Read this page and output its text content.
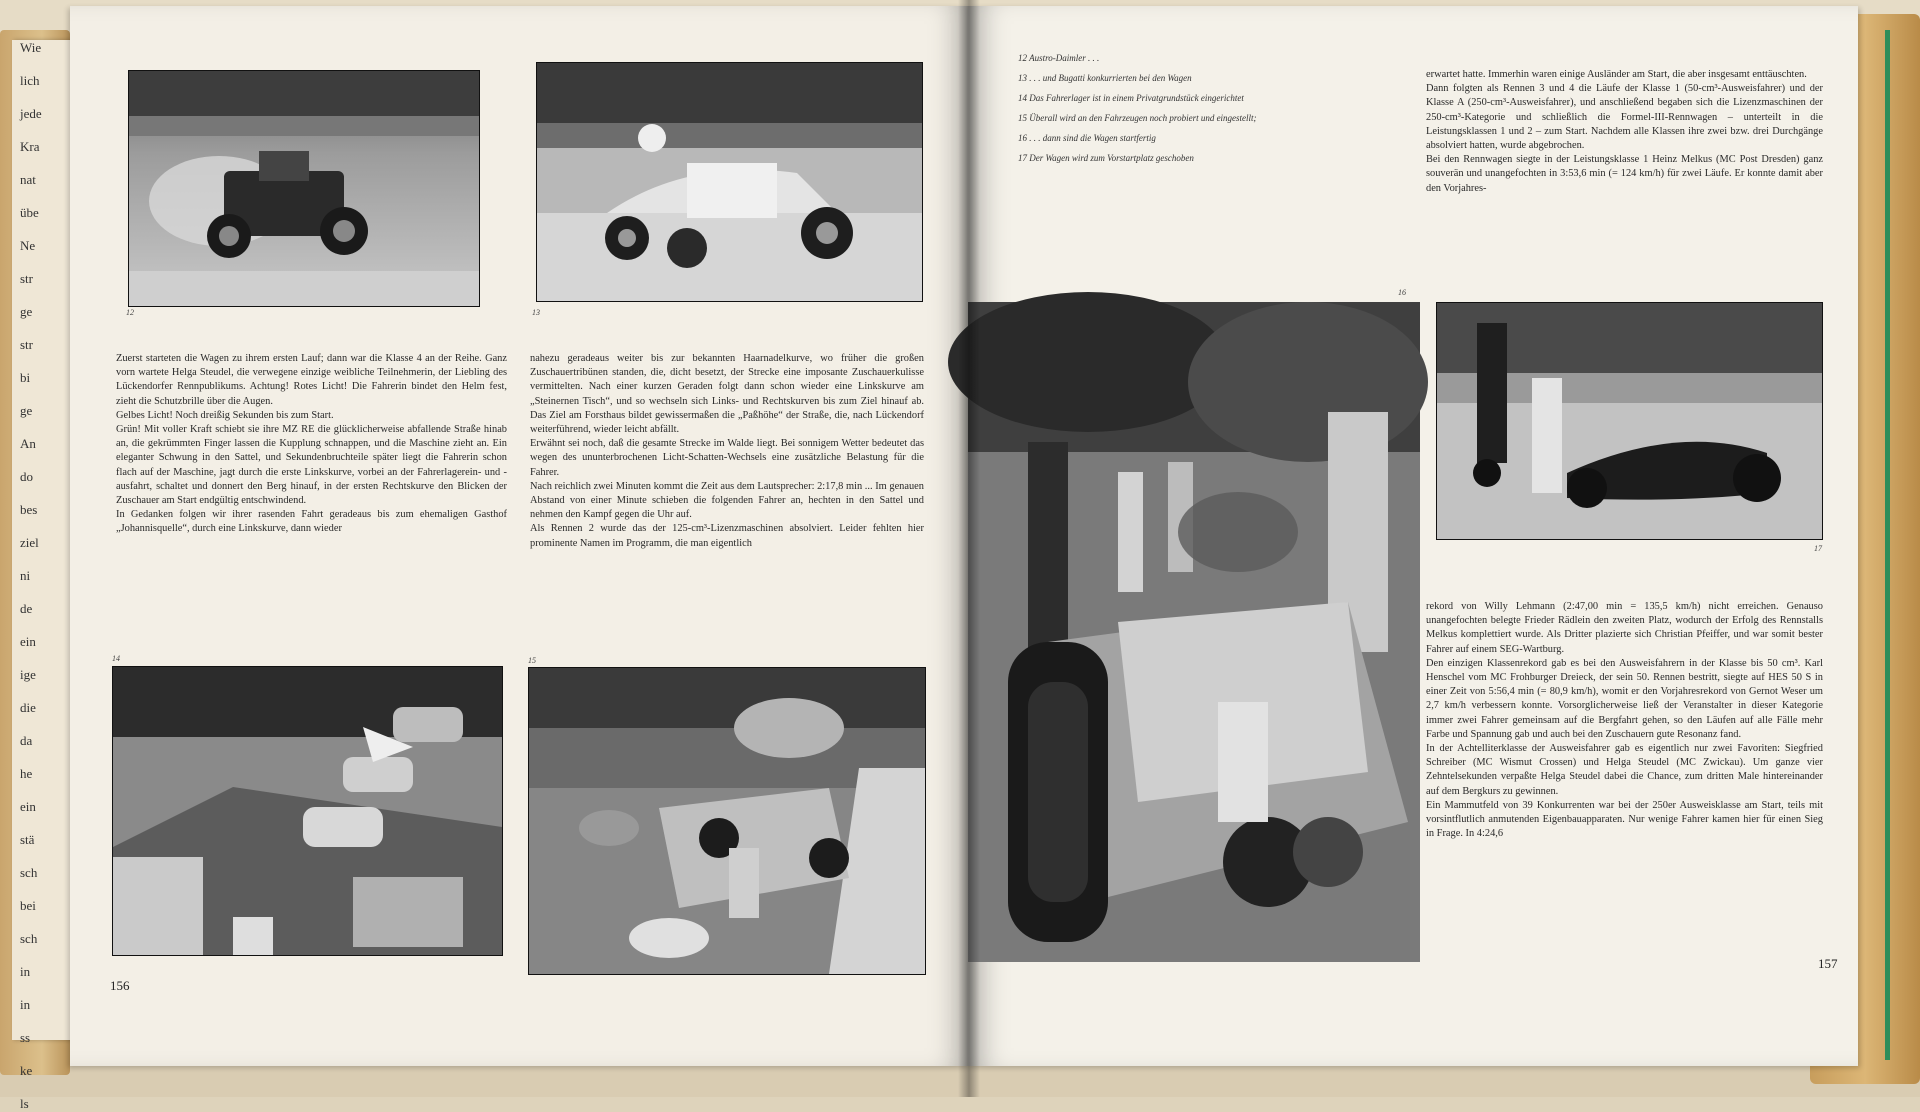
Wie
lich
jede
Kra
nat
übe
Ne
str
ge
str
bi
ge
An
do
bes
ziel
ni
de
ein
ige
die
da
he
ein
stä
sch
bei
sch
in
in
ss
ke
ls
12	13

Zuerst starteten die Wagen zu ihrem ersten Lauf; dann war die Klasse 4 an der Reihe. Ganz vorn wartete Helga Steudel, die verwegene einzige weibliche Teilnehmerin, der Liebling des Lückendorfer Rennpublikums. Achtung! Rotes Licht! Die Fahrerin bindet den Helm fest, zieht die Schutzbrille über die Augen.

Gelbes Licht! Noch dreißig Sekunden bis zum Start.

Grün! Mit voller Kraft schiebt sie ihre MZ RE die glücklicherweise abfallende Straße hinab an, die gekrümmten Finger lassen die Kupplung schnappen, und die Maschine zieht an. Ein eleganter Schwung in den Sattel, und Sekundenbruchteile später liegt die Fahrerin schon flach auf der Maschine, jagt durch die erste Linkskurve, vorbei an der Fahrerlagerein- und -ausfahrt, schaltet und donnert den Berg hinauf, in der ersten Rechtskurve den Blicken der Zuschauer am Start endgültig entschwindend.

In Gedanken folgen wir ihrer rasenden Fahrt geradeaus bis zum ehemaligen Gasthof „Johannisquelle“, durch eine Linkskurve, dann wieder

nahezu geradeaus weiter bis zur bekannten Haarnadelkurve, wo früher die großen Zuschauertribünen standen, die, dicht besetzt, der Strecke eine imposante Zuschauerkulisse vermittelten. Nach einer kurzen Geraden folgt dann schon wieder eine Linkskurve am „Steinernen Tisch“, und so wechseln sich Links- und Rechtskurven bis zum Ziel hinauf ab. Das Ziel am Forsthaus bildet gewissermaßen die „Paßhöhe“ der Straße, die, nach Lückendorf weiterführend, wieder leicht abfällt.

Erwähnt sei noch, daß die gesamte Strecke im Walde liegt. Bei sonnigem Wetter bedeutet das wegen des ununterbrochenen Licht-Schatten-Wechsels eine zusätzliche Belastung für die Fahrer.

Nach reichlich zwei Minuten kommt die Zeit aus dem Lautsprecher: 2:17,8 min ... Im genauen Abstand von einer Minute schieben die folgenden Fahrer an, hechten in den Sattel und nehmen den Kampf gegen die Uhr auf.

Als Rennen 2 wurde das der 125-cm³-Lizenzmaschinen absolviert. Leider fehlten hier prominente Namen im Programm, die man eigentlich

14	15
156
16
17

rekord von Willy Lehmann (2:47,00 min = 135,5 km/h) nicht erreichen. Genauso unangefochten belegte Frieder Rädlein den zweiten Platz, wodurch der Erfolg des Rennstalls Melkus komplettiert wurde. Als Dritter plazierte sich Christian Pfeiffer, und war somit bester Fahrer auf einem SEG-Wartburg.

Den einzigen Klassenrekord gab es bei den Ausweisfahrern in der Klasse bis 50 cm³. Karl Henschel vom MC Frohburger Dreieck, der sein 50. Rennen bestritt, siegte auf HES 50 S in einer Zeit von 5:56,4 min (= 80,9 km/h), womit er den Vorjahresrekord von Gernot Weser um 2,7 km/h verbessern konnte. Vorsorglicherweise ließ der Veranstalter in dieser Kategorie immer zwei Fahrer gemeinsam auf die Bergfahrt gehen, so den Läufen auf alle Fälle mehr Farbe und Spannung gab und auch bei den Zuschauern gute Resonanz fand.

In der Achtelliterklasse der Ausweisfahrer gab es eigentlich nur zwei Favoriten: Siegfried Schreiber (MC Wismut Crossen) und Helga Steudel (MC Zwickau). Um ganze vier Zehntelsekunden verpaßte Helga Steudel dabei die Chance, zum dritten Male hintereinander auf dem Bergkurs zu gewinnen.

Ein Mammutfeld von 39 Konkurrenten war bei der 250er Ausweisklasse am Start, teils mit vorsintflutlich anmutenden Eigenbauapparaten. Nur wenige Fahrer kamen hier für einen Sieg in Frage. In 4:24,6

erwartet hatte. Immerhin waren einige Ausländer am Start, die aber insgesamt enttäuschten.

Dann folgten als Rennen 3 und 4 die Läufe der Klasse 1 (50-cm³-Ausweisfahrer) und der Klasse A (250-cm³-Ausweisfahrer), und anschließend begaben sich die Lizenzmaschinen der 250-cm³-Kategorie und schließlich die Formel-III-Rennwagen – unterteilt in die Leistungsklassen 1 und 2 – zum Start. Nachdem alle Klassen ihre zwei bzw. drei Durchgänge absolviert hatten, wurde abgebrochen.

Bei den Rennwagen siegte in der Leistungsklasse 1 Heinz Melkus (MC Post Dresden) ganz souverän und unangefochten in 3:53,6 min (= 124 km/h) für zwei Läufe. Er konnte damit aber den Vorjahres-

157

12 Austro-Daimler . . .

13 . . . und Bugatti konkurrierten bei den Wagen

14 Das Fahrerlager ist in einem Privatgrundstück eingerichtet

15 Überall wird an den Fahrzeugen noch probiert und eingestellt;

16 . . . dann sind die Wagen startfertig

17 Der Wagen wird zum Vorstartplatz geschoben
